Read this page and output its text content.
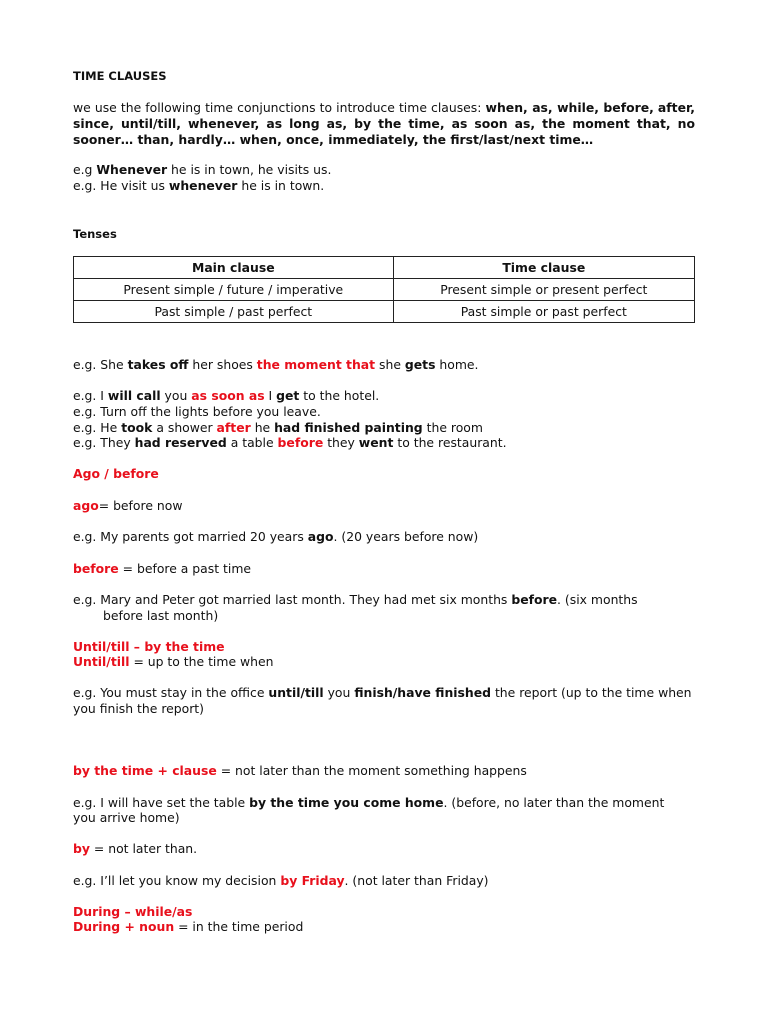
TIME CLAUSES
we use the following time conjunctions to introduce time clauses: when, as, while, before, after, since, until/till, whenever, as long as, by the time, as soon as, the moment that, no sooner… than, hardly… when, once, immediately, the first/last/next time…
e.g Whenever he is in town, he visits us.
e.g. He visit us whenever he is in town.
Tenses
Main clause	Time clause
Present simple / future / imperative	Present simple or present perfect
Past simple / past perfect	Past simple or past perfect
e.g. She takes off her shoes the moment that she gets home.
e.g. I will call you as soon as I get to the hotel.
e.g. Turn off the lights before you leave.
e.g. He took a shower after he had finished painting the room
e.g. They had reserved a table before they went to the restaurant.
Ago / before
ago= before now
e.g. My parents got married 20 years ago. (20 years before now)
before = before a past time
e.g. Mary and Peter got married last month. They had met six months before. (six months
before last month)
Until/till – by the time
Until/till = up to the time when
e.g. You must stay in the office until/till you finish/have finished the report (up to the time when
you finish the report)
by the time + clause = not later than the moment something happens
e.g. I will have set the table by the time you come home. (before, no later than the moment
you arrive home)
by = not later than.
e.g. I’ll let you know my decision by Friday. (not later than Friday)
During – while/as
During + noun = in the time period
